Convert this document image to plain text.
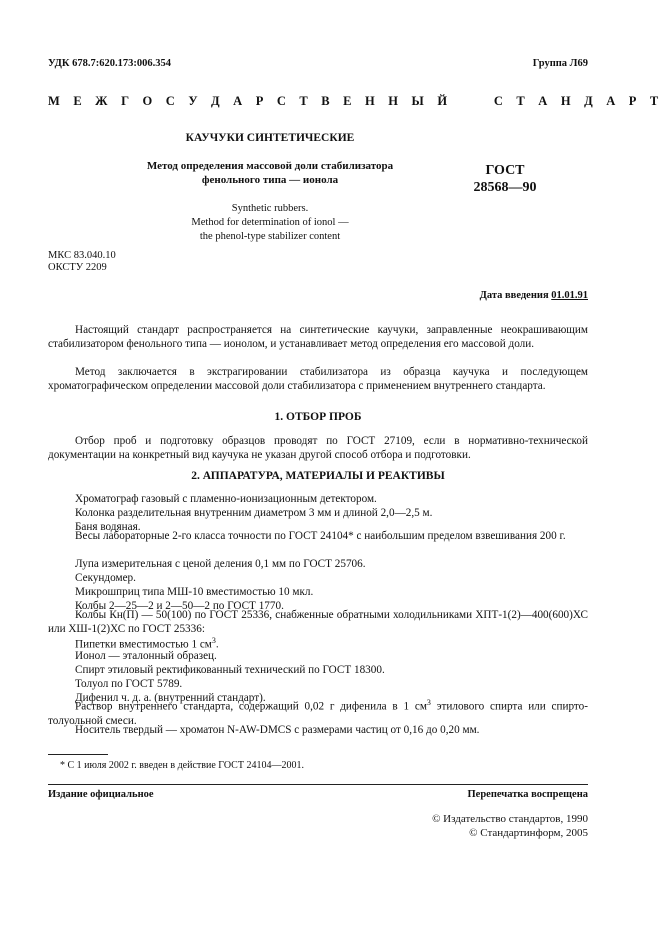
УДК 678.7:620.173:006.354	Группа Л69
М Е Ж Г О С У Д А Р С Т В Е Н Н Ы Й     С Т А Н Д А Р Т
КАУЧУКИ СИНТЕТИЧЕСКИЕ
Метод определения массовой доли стабилизатора
фенольного типа — ионола
Synthetic rubbers.
Method for determination of ionol —
the phenol-type stabilizer content
ГОСТ
28568—90
МКС 83.040.10
ОКСТУ 2209
Дата введения 01.01.91

Настоящий стандарт распространяется на синтетические каучуки, заправленные неокрашивающим стабилизатором фенольного типа — ионолом, и устанавливает метод определения его массовой доли.

Метод заключается в экстрагировании стабилизатора из образца каучука и последующем хроматографическом определении массовой доли стабилизатора с применением внутреннего стандарта.

1. ОТБОР ПРОБ

Отбор проб и подготовку образцов проводят по ГОСТ 27109, если в нормативно-технической документации на конкретный вид каучука не указан другой способ отбора и подготовки.

2. АППАРАТУРА, МАТЕРИАЛЫ И РЕАКТИВЫ
Хроматограф газовый с пламенно-ионизационным детектором.
Колонка разделительная внутренним диаметром 3 мм и длиной 2,0—2,5 м.
Баня водяная.

Весы лабораторные 2-го класса точности по ГОСТ 24104* с наибольшим пределом взвешивания 200 г.

Лупа измерительная с ценой деления 0,1 мм по ГОСТ 25706.
Секундомер.
Микрошприц типа МШ-10 вместимостью 10 мкл.
Колбы 2—25—2 и 2—50—2 по ГОСТ 1770.

Колбы Кн(П) — 50(100) по ГОСТ 25336, снабженные обратными холодильниками ХПТ-1(2)—400(600)ХС или ХШ-1(2)ХС по ГОСТ 25336:

Пипетки вместимостью 1 $см^3$.
Ионол — эталонный образец.
Спирт этиловый ректификованный технический по ГОСТ 18300.
Толуол по ГОСТ 5789.
Дифенил ч. д. а. (внутренний стандарт).

Раствор внутреннего стандарта, содержащий 0,02 г дифенила в 1 $см^3$ этилового спирта или спирто-толуольной смеси.

Носитель твердый — хроматон N-AW-DMCS с размерами частиц от 0,16 до 0,20 мм.
* С 1 июля 2002 г. введен в действие ГОСТ 24104—2001.
Издание официальное	Перепечатка воспрещена
© Издательство стандартов, 1990
© Стандартинформ, 2005
